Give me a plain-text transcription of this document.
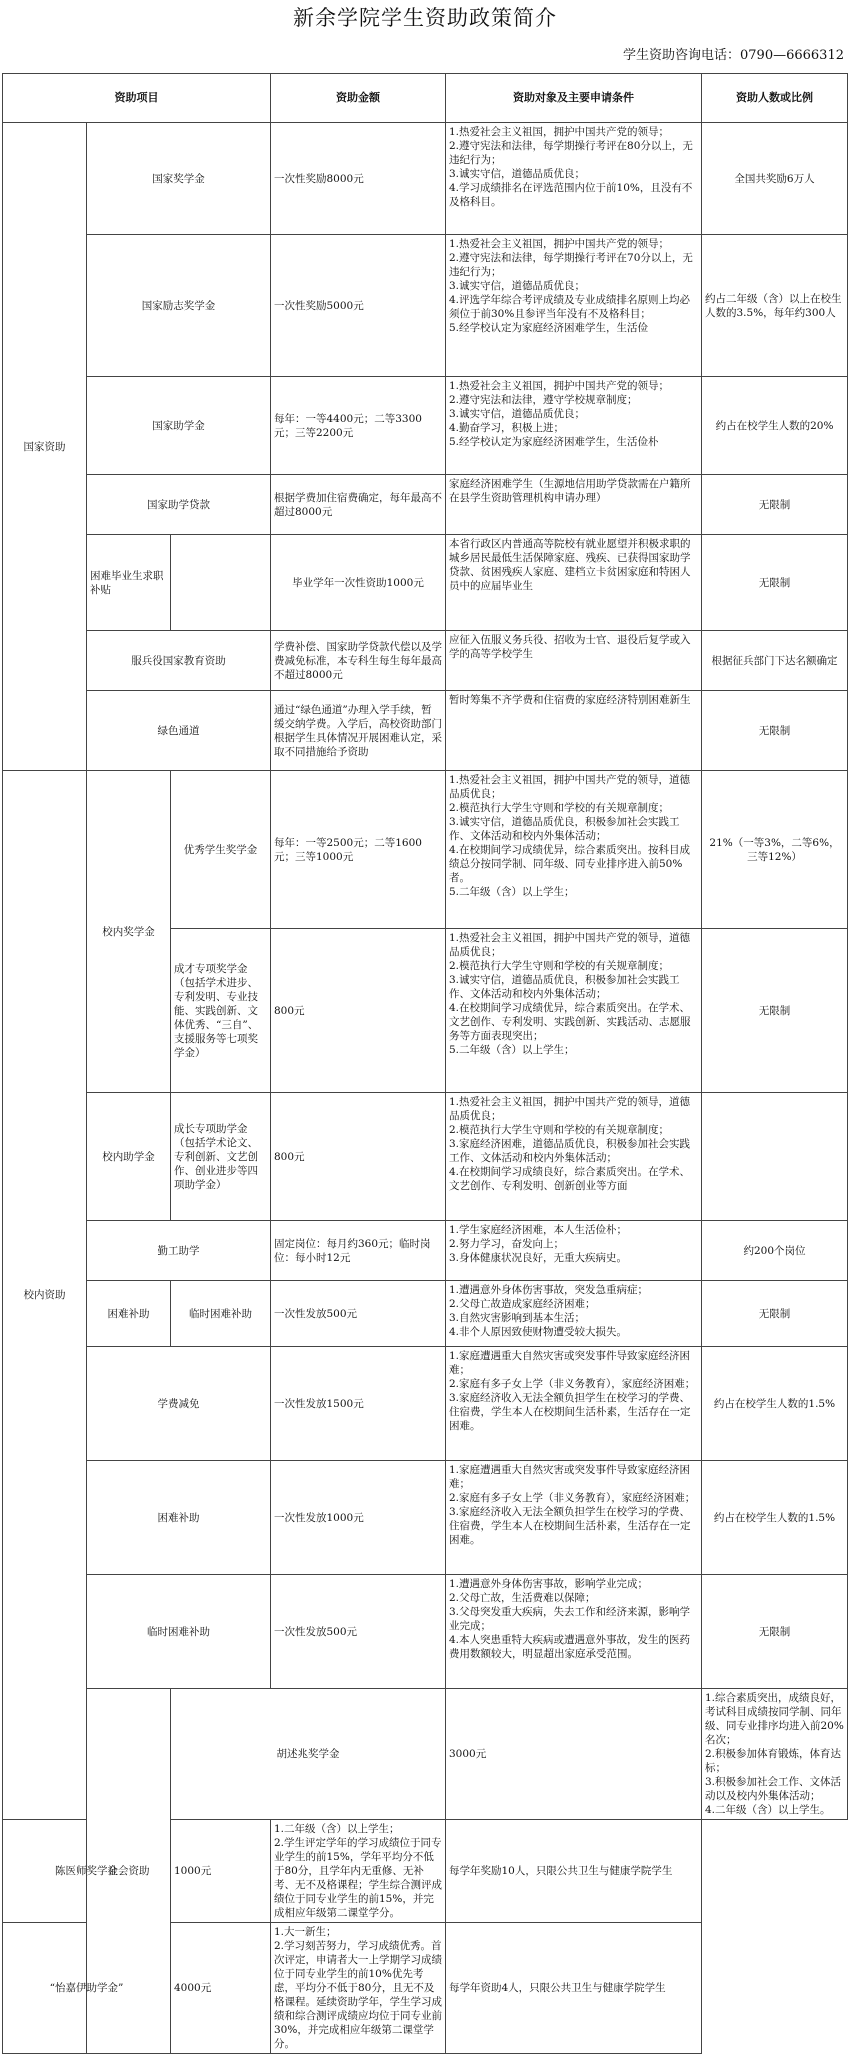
新余学院学生资助政策简介
学生资助咨询电话：0790—6666312
资助项目			资助金额	资助对象及主要申请条件	资助人数或比例	
国家资助	国家奖学金		一次性奖励8000元	1.热爱社会主义祖国，拥护中国共产党的领导；
2.遵守宪法和法律，每学期操行考评在80分以上，无违纪行为；
3.诚实守信，道德品质优良；
4.学习成绩排名在评选范围内位于前10%，且没有不及格科目。	全国共奖励6万人	
	国家励志奖学金		一次性奖励5000元	1.热爱社会主义祖国，拥护中国共产党的领导；
2.遵守宪法和法律，每学期操行考评在70分以上，无违纪行为；
3.诚实守信，道德品质优良；
4.评选学年综合考评成绩及专业成绩排名原则上均必须位于前30%且参评当年没有不及格科目；
5.经学校认定为家庭经济困难学生，生活俭	约占二年级（含）以上在校生人数的3.5%，每年约300人	
	国家助学金		每年：一等4400元；二等3300元；三等2200元	1.热爱社会主义祖国，拥护中国共产党的领导；
2.遵守宪法和法律，遵守学校规章制度；
3.诚实守信，道德品质优良；
4.勤奋学习，积极上进；
5.经学校认定为家庭经济困难学生，生活俭朴	约占在校学生人数的20%	
	国家助学贷款		根据学费加住宿费确定，每年最高不超过8000元	家庭经济困难学生（生源地信用助学贷款需在户籍所在县学生资助管理机构申请办理）	无限制	
	困难毕业生求职补贴		毕业学年一次性资助1000元	本省行政区内普通高等院校有就业愿望并积极求职的城乡居民最低生活保障家庭、残疾、已获得国家助学贷款、贫困残疾人家庭、建档立卡贫困家庭和特困人员中的应届毕业生	无限制	
	服兵役国家教育资助		学费补偿、国家助学贷款代偿以及学费减免标准，本专科生每生每年最高不超过8000元	应征入伍服义务兵役、招收为士官、退役后复学或入学的高等学校学生	根据征兵部门下达名额确定	
	绿色通道		通过“绿色通道”办理入学手续，暂缓交纳学费。入学后，高校资助部门根据学生具体情况开展困难认定，采取不同措施给予资助	暂时筹集不齐学费和住宿费的家庭经济特别困难新生	无限制	
校内资助	校内奖学金	优秀学生奖学金	每年：一等2500元；二等1600元；三等1000元	1.热爱社会主义祖国，拥护中国共产党的领导，道德品质优良；
2.模范执行大学生守则和学校的有关规章制度；
3.诚实守信，道德品质优良，积极参加社会实践工作、文体活动和校内外集体活动；
4.在校期间学习成绩优异，综合素质突出。按科目成绩总分按同学制、同年级、同专业排序进入前50%者。
5.二年级（含）以上学生；	21%（一等3%，二等6%，三等12%）	
		成才专项奖学金（包括学术进步、专利发明、专业技能、实践创新、文体优秀、“三自”、支援服务等七项奖学金）	800元	1.热爱社会主义祖国，拥护中国共产党的领导，道德品质优良；
2.模范执行大学生守则和学校的有关规章制度；
3.诚实守信，道德品质优良，积极参加社会实践工作、文体活动和校内外集体活动；
4.在校期间学习成绩优异，综合素质突出。在学术、文艺创作、专利发明、实践创新、实践活动、志愿服务等方面表现突出；
5.二年级（含）以上学生；	无限制	
	校内助学金	成长专项助学金（包括学术论文、专利创新、文艺创作、创业进步等四项助学金）	800元	1.热爱社会主义祖国，拥护中国共产党的领导，道德品质优良；
2.模范执行大学生守则和学校的有关规章制度；
3.家庭经济困难，道德品质优良，积极参加社会实践工作、文体活动和校内外集体活动；
4.在校期间学习成绩良好，综合素质突出。在学术、文艺创作、专利发明、创新创业等方面		

	勤工助学		固定岗位：每月约360元；临时岗位：每小时12元	1.学生家庭经济困难，本人生活俭朴；
2.努力学习，奋发向上；
3.身体健康状况良好，无重大疾病史。	约200个岗位	
	困难补助	临时困难补助	一次性发放500元	1.遭遇意外身体伤害事故，突发急重病症；
2.父母亡故造成家庭经济困难；
3.自然灾害影响到基本生活；
4.非个人原因致使财物遭受较大损失。	无限制	
	学费减免		一次性发放1500元	1.家庭遭遇重大自然灾害或突发事件导致家庭经济困难；
2.家庭有多子女上学（非义务教育），家庭经济困难；
3.家庭经济收入无法全额负担学生在校学习的学费、住宿费，学生本人在校期间生活朴素，生活存在一定困难。	约占在校学生人数的1.5%	
	困难补助		一次性发放1000元	1.家庭遭遇重大自然灾害或突发事件导致家庭经济困难；
2.家庭有多子女上学（非义务教育），家庭经济困难；
3.家庭经济收入无法全额负担学生在校学习的学费、住宿费，学生本人在校期间生活朴素，生活存在一定困难。	约占在校学生人数的1.5%	
	临时困难补助		一次性发放500元	1.遭遇意外身体伤害事故，影响学业完成；
2.父母亡故，生活费难以保障；
3.父母突发重大疾病，失去工作和经济来源，影响学业完成；
4.本人突患重特大疾病或遭遇意外事故，发生的医药费用数额较大，明显超出家庭承受范围。	无限制	
	社会资助	胡述兆奖学金		3000元	1.综合素质突出，成绩良好，考试科目成绩按同学制、同年级、同专业排序均进入前20%名次；
2.积极参加体育锻炼，体育达标；
3.积极参加社会工作、文体活动以及校内外集体活动；
4.二年级（含）以上学生。

陈医师奖学金		1000元	1.二年级（含）以上学生；
2.学生评定学年的学习成绩位于同专业学生的前15%，学年平均分不低于80分，且学年内无重修、无补考、无不及格课程；学生综合测评成绩位于同专业学生的前15%，并完成相应年级第二课堂学分。	每学年奖励10人，只限公共卫生与健康学院学生		
“怡嘉伊助学金”		4000元	1.大一新生；
2.学习刻苦努力，学习成绩优秀。首次评定，申请者大一上学期学习成绩位于同专业学生的前10%优先考虑，平均分不低于80分，且无不及格课程。延续资助学年，学生学习成绩和综合测评成绩应均位于同专业前30%，并完成相应年级第二课堂学分。	每学年资助4人，只限公共卫生与健康学院学生		
